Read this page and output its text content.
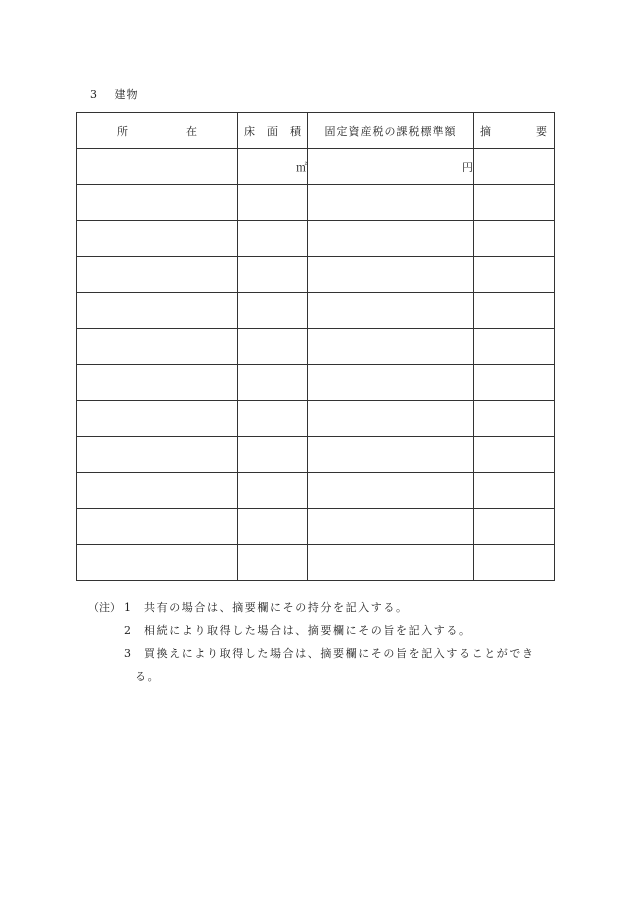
3 建物
所 在	床 面 積	固定資産税の課税標準額	摘 要

	㎡	円	

（注） 1	共有の場合は、摘要欄にその持分を記入する。
2	相続により取得した場合は、摘要欄にその旨を記入する。
3	買換えにより取得した場合は、摘要欄にその旨を記入することができ
る。
